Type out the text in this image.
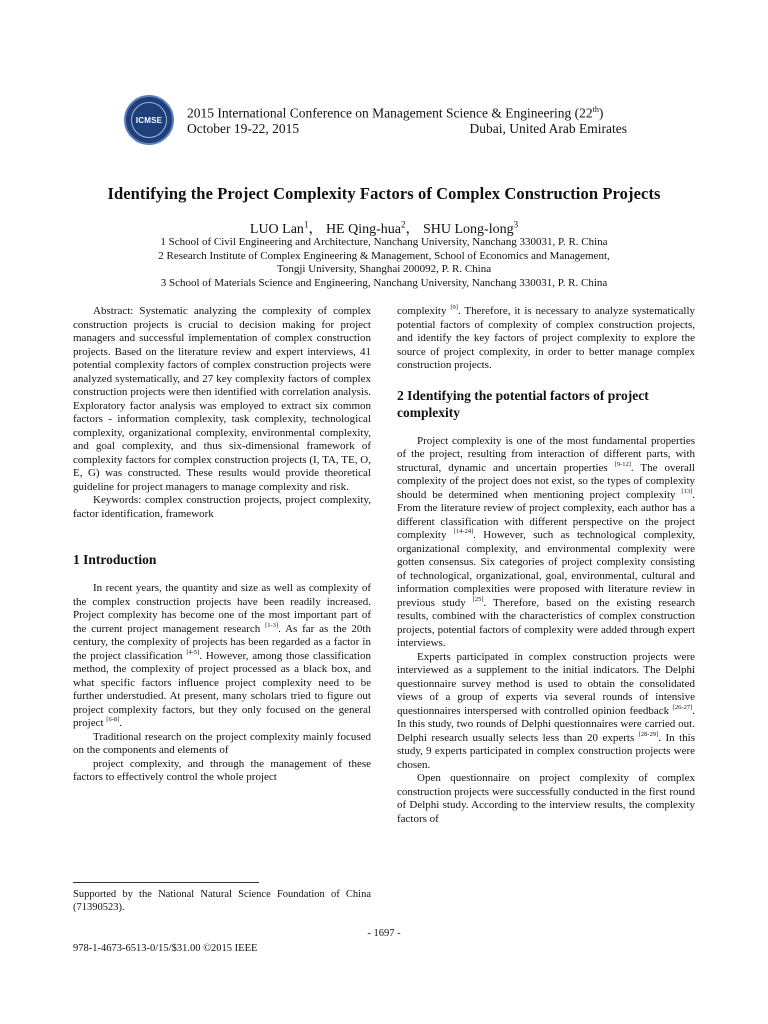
ICMSE 2015 International Conference on Management Science & Engineering (22th)
October 19-22, 2015	Dubai, United Arab Emirates
Identifying the Project Complexity Factors of Complex Construction Projects
LUO Lan$^1$， HE Qing-hua$^2$， SHU Long-long$^3$
1 School of Civil Engineering and Architecture, Nanchang University, Nanchang 330031, P. R. China
2 Research Institute of Complex Engineering & Management, School of Economics and Management,
Tongji University, Shanghai 200092, P. R. China
3 School of Materials Science and Engineering, Nanchang University, Nanchang 330031, P. R. China

Abstract: Systematic analyzing the complexity of complex construction projects is crucial to decision making for project managers and successful implementation of complex construction projects. Based on the literature review and expert interviews, 41 potential complexity factors of complex construction projects were analyzed systematically, and 27 key complexity factors of complex construction projects were then identified with correlation analysis. Exploratory factor analysis was employed to extract six common factors - information complexity, task complexity, technological complexity, organizational complexity, environmental complexity, and goal complexity, and thus six-dimensional framework of complexity factors for complex construction projects (I, TA, TE, O, E, G) was constructed. These results would provide theoretical guideline for project managers to manage complexity and risk.

Keywords: complex construction projects, project complexity, factor identification, framework

1 Introduction

In recent years, the quantity and size as well as complexity of the complex construction projects have been readily increased. Project complexity has become one of the most important part of the current project management research [1-3]. As far as the 20th century, the complexity of projects has been regarded as a factor in the project classification [4-5]. However, among those classification method, the complexity of project processed as a black box, and what specific factors influence project complexity need to be further understudied. At present, many scholars tried to figure out project complexity factors, but they only focused on the general project [6-8].

Traditional research on the project complexity mainly focused on the components and elements of

project complexity, and through the management of these factors to effectively control the whole project

complexity [9]. Therefore, it is necessary to analyze systematically potential factors of complexity of complex construction projects, and identify the key factors of project complexity to explore the source of project complexity, in order to better manage complex construction projects.

2 Identifying the potential factors of project complexity

Project complexity is one of the most fundamental properties of the project, resulting from interaction of different parts, with structural, dynamic and uncertain properties [9-12]. The overall complexity of the project does not exist, so the types of complexity should be determined when mentioning project complexity [13]. From the literature review of project complexity, each author has a different classification with different perspective on the project complexity [14-24]. However, such as technological complexity, organizational complexity, and environmental complexity were gotten consensus. Six categories of project complexity consisting of technological, organizational, goal, environmental, cultural and information complexities were proposed with literature review in previous study [25]. Therefore, based on the existing research results, combined with the characteristics of complex construction projects, potential factors of complexity were added through expert interviews.

Experts participated in complex construction projects were interviewed as a supplement to the initial indicators. The Delphi questionnaire survey method is used to obtain the consolidated views of a group of experts via several rounds of intensive questionnaires interspersed with controlled opinion feedback [26-27]. In this study, two rounds of Delphi questionnaires were carried out. Delphi research usually selects less than 20 experts [28-29]. In this study, 9 experts participated in complex construction projects were chosen.

Open questionnaire on project complexity of complex construction projects were successfully conducted in the first round of Delphi study. According to the interview results, the complexity factors of

Supported by the National Natural Science Foundation of China (71390523).
- 1697 -
978-1-4673-6513-0/15/$31.00 ©2015 IEEE
